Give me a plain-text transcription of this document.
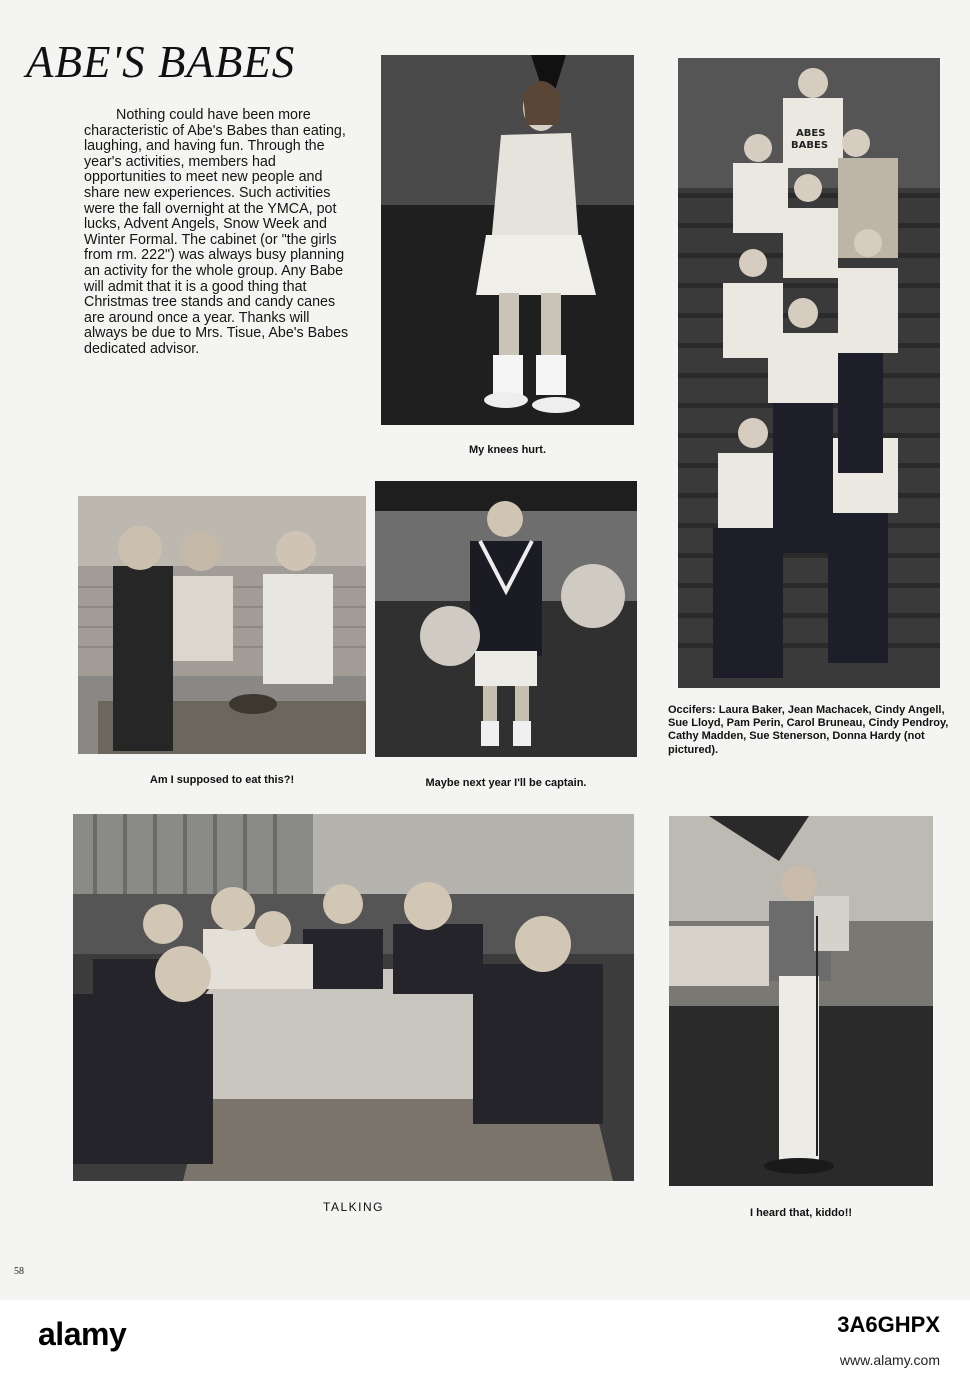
ABE'S BABES

Nothing could have been more characteristic of Abe's Babes than eating, laughing, and having fun. Through the year's activities, members had opportunities to meet new people and share new experiences. Such activities were the fall overnight at the YMCA, pot lucks, Advent Angels, Snow Week and Winter Formal. The cabinet (or "the girls from rm. 222") was always busy planning an activity for the whole group. Any Babe will admit that it is a good thing that Christmas tree stands and candy canes are around once a year. Thanks will always be due to Mrs. Tisue, Abe's Babes dedicated advisor.

My knees hurt.

ABES
BABES

Occifers: Laura Baker, Jean Machacek, Cindy Angell, Sue Lloyd, Pam Perin, Carol Bruneau, Cindy Pendroy, Cathy Madden, Sue Stenerson, Donna Hardy (not pictured).

Am I supposed to eat this?!	Maybe next year I'll be captain.

TALKING	I heard that, kiddo!!

58

alamy	3A6GHPX

www.alamy.com
